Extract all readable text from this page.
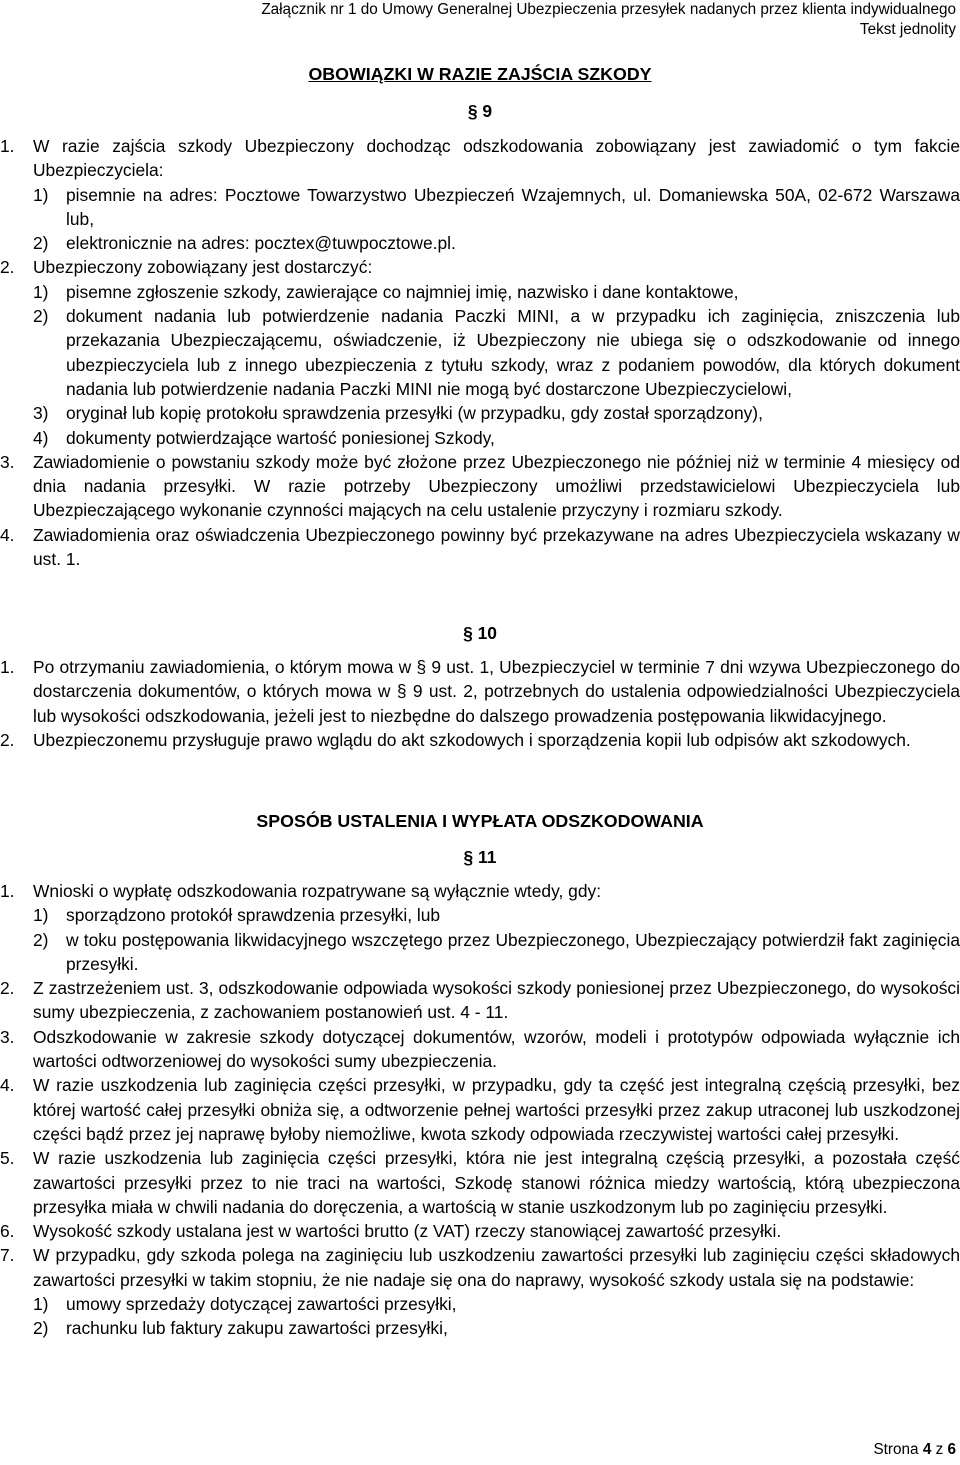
Załącznik nr 1 do Umowy Generalnej Ubezpieczenia przesyłek nadanych przez klienta indywidualnego
Tekst jednolity
OBOWIĄZKI W RAZIE ZAJŚCIA SZKODY
§ 9
1.	W razie zajścia szkody Ubezpieczony dochodząc odszkodowania zobowiązany jest zawiadomić o tym fakcie Ubezpieczyciela:
1)	pisemnie na adres: Pocztowe Towarzystwo Ubezpieczeń Wzajemnych, ul. Domaniewska 50A, 02-672 Warszawa lub,
2)	elektronicznie na adres: pocztex@tuwpocztowe.pl.
2.	Ubezpieczony zobowiązany jest dostarczyć:
1)	pisemne zgłoszenie szkody, zawierające co najmniej imię, nazwisko i dane kontaktowe,
2)	dokument nadania lub potwierdzenie nadania Paczki MINI, a w przypadku ich zaginięcia, zniszczenia lub przekazania Ubezpieczającemu, oświadczenie, iż Ubezpieczony nie ubiega się o odszkodowanie od innego ubezpieczyciela lub z innego ubezpieczenia z tytułu szkody, wraz z podaniem powodów, dla których dokument nadania lub potwierdzenie nadania Paczki MINI nie mogą być dostarczone Ubezpieczycielowi,
3)	oryginał lub kopię protokołu sprawdzenia przesyłki (w przypadku, gdy został sporządzony),
4)	dokumenty potwierdzające wartość poniesionej Szkody,
3.	Zawiadomienie o powstaniu szkody może być złożone przez Ubezpieczonego nie później niż w terminie 4 miesięcy od dnia nadania przesyłki. W razie potrzeby Ubezpieczony umożliwi przedstawicielowi Ubezpieczyciela lub Ubezpieczającego wykonanie czynności mających na celu ustalenie przyczyny i rozmiaru szkody.
4.	Zawiadomienia oraz oświadczenia Ubezpieczonego powinny być przekazywane na adres Ubezpieczyciela wskazany w ust. 1.
§ 10
1.	Po otrzymaniu zawiadomienia, o którym mowa w § 9 ust. 1, Ubezpieczyciel w terminie 7 dni wzywa Ubezpieczonego do dostarczenia dokumentów, o których mowa w § 9 ust. 2, potrzebnych do ustalenia odpowiedzialności Ubezpieczyciela lub wysokości odszkodowania, jeżeli jest to niezbędne do dalszego prowadzenia postępowania likwidacyjnego.
2.	Ubezpieczonemu przysługuje prawo wglądu do akt szkodowych i sporządzenia kopii lub odpisów akt szkodowych.
SPOSÓB USTALENIA I WYPŁATA ODSZKODOWANIA
§ 11
1.	Wnioski o wypłatę odszkodowania rozpatrywane są wyłącznie wtedy, gdy:
1)	sporządzono protokół sprawdzenia przesyłki, lub
2)	w toku postępowania likwidacyjnego wszczętego przez Ubezpieczonego, Ubezpieczający potwierdził fakt zaginięcia przesyłki.
2.	Z zastrzeżeniem ust. 3, odszkodowanie odpowiada wysokości szkody poniesionej przez Ubezpieczonego, do wysokości sumy ubezpieczenia, z zachowaniem postanowień ust. 4 - 11.
3.	Odszkodowanie w zakresie szkody dotyczącej dokumentów, wzorów, modeli i prototypów odpowiada wyłącznie ich wartości odtworzeniowej do wysokości sumy ubezpieczenia.
4.	W razie uszkodzenia lub zaginięcia części przesyłki, w przypadku, gdy ta część jest integralną częścią przesyłki, bez której wartość całej przesyłki obniża się, a odtworzenie pełnej wartości przesyłki przez zakup utraconej lub uszkodzonej części bądź przez jej naprawę byłoby niemożliwe, kwota szkody odpowiada rzeczywistej wartości całej przesyłki.
5.	W razie uszkodzenia lub zaginięcia części przesyłki, która nie jest integralną częścią przesyłki, a pozostała część zawartości przesyłki przez to nie traci na wartości, Szkodę stanowi różnica miedzy wartością, którą ubezpieczona przesyłka miała w chwili nadania do doręczenia, a wartością w stanie uszkodzonym lub po zaginięciu przesyłki.
6.	Wysokość szkody ustalana jest w wartości brutto (z VAT) rzeczy stanowiącej zawartość przesyłki.
7.	W przypadku, gdy szkoda polega na zaginięciu lub uszkodzeniu zawartości przesyłki lub zaginięciu części składowych zawartości przesyłki w takim stopniu, że nie nadaje się ona do naprawy, wysokość szkody ustala się na podstawie:
1)	umowy sprzedaży dotyczącej zawartości przesyłki,
2)	rachunku lub faktury zakupu zawartości przesyłki,
Strona 4 z 6
